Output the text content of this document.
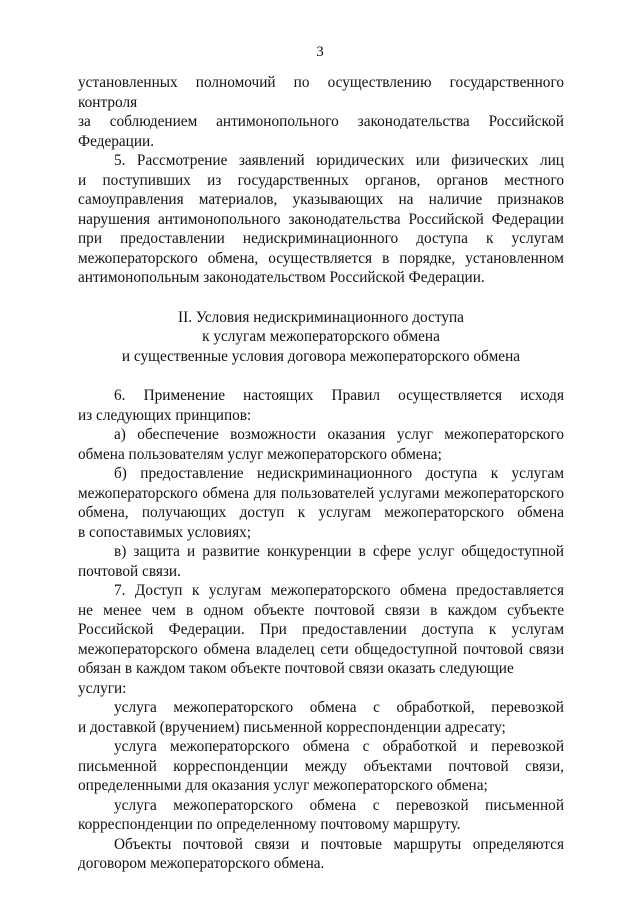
3

установленных полномочий по осуществлению государственного контроля
за соблюдением антимонопольного законодательства Российской
Федерации.

5. Рассмотрение заявлений юридических или физических лиц
и поступивших из государственных органов, органов местного
самоуправления материалов, указывающих на наличие признаков
нарушения антимонопольного законодательства Российской Федерации
при предоставлении недискриминационного доступа к услугам
межоператорского обмена, осуществляется в порядке, установленном
антимонопольным законодательством Российской Федерации.

II. Условия недискриминационного доступа
к услугам межоператорского обмена
и существенные условия договора межоператорского обмена

6. Применение настоящих Правил осуществляется исходя
из следующих принципов:

а) обеспечение возможности оказания услуг межоператорского
обмена пользователям услуг межоператорского обмена;

б) предоставление недискриминационного доступа к услугам
межоператорского обмена для пользователей услугами межоператорского
обмена, получающих доступ к услугам межоператорского обмена
в сопоставимых условиях;

в) защита и развитие конкуренции в сфере услуг общедоступной
почтовой связи.

7. Доступ к услугам межоператорского обмена предоставляется
не менее чем в одном объекте почтовой связи в каждом субъекте
Российской Федерации. При предоставлении доступа к услугам
межоператорского обмена владелец сети общедоступной почтовой связи
обязан в каждом таком объекте почтовой связи оказать следующие услуги:

услуга межоператорского обмена с обработкой, перевозкой
и доставкой (вручением) письменной корреспонденции адресату;

услуга межоператорского обмена с обработкой и перевозкой
письменной корреспонденции между объектами почтовой связи,
определенными для оказания услуг межоператорского обмена;

услуга межоператорского обмена с перевозкой письменной
корреспонденции по определенному почтовому маршруту.

Объекты почтовой связи и почтовые маршруты определяются
договором межоператорского обмена.
